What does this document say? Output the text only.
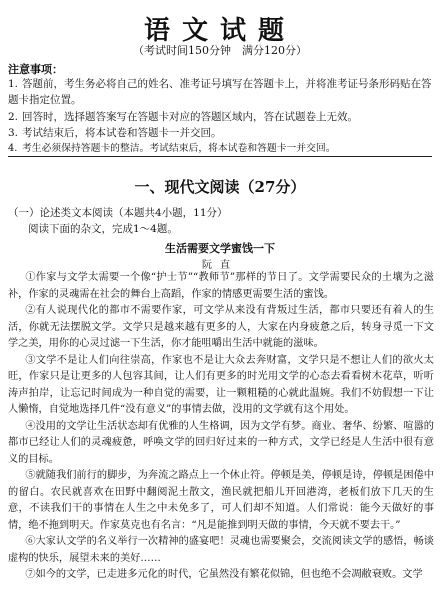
语文试题
（考试时间150分钟　满分120分）
注意事项：
1. 答题前，考生务必将自己的姓名、准考证号填写在答题卡上，并将准考证号条形码贴在答题卡指定位置。
2. 回答时，选择题答案写在答题卡对应的答题区域内，答在试题卷上无效。
3. 考试结束后，将本试卷和答题卡一并交回。
4. 考生必须保持答题卡的整洁。考试结束后，将本试卷和答题卡一并交回。
一、现代文阅读（27分）
（一）论述类文本阅读（本题共4小题，11分）
阅读下面的杂文，完成1～4题。
生活需要文学蜜饯一下
阮直

①作家与文学太需要一个像“护士节”“教师节”那样的节日了。文学需要民众的土壤为之滋补，作家的灵魂需在社会的舞台上高蹈，作家的情感更需要生活的蜜饯。

②有人说现代化的都市不需要作家，可文学从来没有背叛过生活，都市只要还有着人的生活，你就无法摆脱文学。文学只是越来越有更多的人，大家在内身疲惫之后，转身寻觅一下文学之美，用你的心灵过滤一下生活，你才能咀嚼出生活中就能的滋味。

③文学不是让人们向往崇高，作家也不是让大众去奔财富，文学只是不想让人们的欲火太旺，作家只是让更多的人包容其间，让人们有更多的时光用文学的心态去看看树木花草，听听涛声拍岸，让忘记时间成为一种自觉的需要，让一颗粗糙的心就此温婉。我们不妨假想一下让人懒惰，自觉地选择几件“没有意义”的事情去做，没用的文学就有这个用处。

④没用的文学让生活状态却有优雅的人生格调，因为文学有梦。商业、奢华、纷繁、喧嚣的都市已经让人们的灵魂疲惫，呼唤文学的回归好过来的一种方式，文学已经是人生活中很有意义的目标。

⑤就随我们前行的脚步，为奔流之路点上一个休止符。停顿是美，停顿是诗，停顿是困倦中的留白。农民就喜欢在田野中翻阅泥土散文，渔民就把船儿开回港湾，老板们放下几天的生意，不读我们干的事情在人生之中未免多了，可人们却不知道。人们常说：能今天做好的事情，绝不拖到明天。作家莫克也有名言：“凡是能推到明天做的事情，今天就不要去干。”

⑥大家认文学的名义举行一次精神的盛宴吧！灵魂也需要聚会，交流阅读文学的感悟，畅谈虚构的快乐，展望未来的美好……

⑦如今的文学，已走进多元化的时代，它虽然没有繁花似锦，但也绝不会凋敝衰败。文学
